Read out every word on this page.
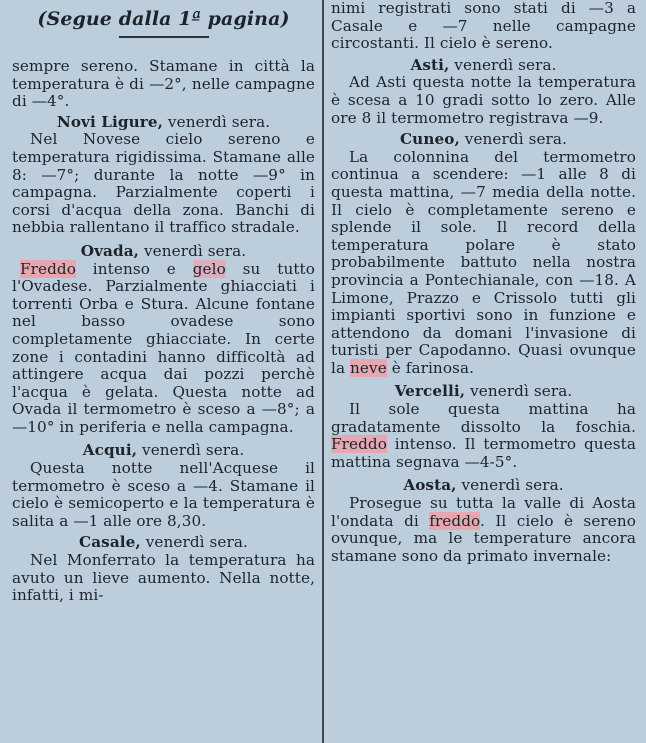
(Segue dalla 1ª pagina)

sempre sereno. Stamane in città la temperatura è di —2°, nelle campagne di —4°.

Novi Ligure, venerdì sera.

Nel Novese cielo sereno e temperatura rigidissima. Stamane alle 8: —7°; durante la notte —9° in campagna. Parzialmente coperti i corsi d'acqua della zona. Banchi di nebbia rallentano il traffico stradale.

Ovada, venerdì sera.

Freddo intenso e gelo su tutto l'Ovadese. Parzialmente ghiacciati i torrenti Orba e Stura. Alcune fontane nel basso ovadese sono completamente ghiacciate. In certe zone i contadini hanno difficoltà ad attingere acqua dai pozzi perchè l'acqua è gelata. Questa notte ad Ovada il termometro è sceso a —8°; a —10° in periferia e nella campagna.

Acqui, venerdì sera.

Questa notte nell'Acquese il termometro è sceso a —4. Stamane il cielo è semicoperto e la temperatura è salita a —1 alle ore 8,30.

Casale, venerdì sera.

Nel Monferrato la temperatura ha avuto un lieve aumento. Nella notte, infatti, i mi-

nimi registrati sono stati di —3 a Casale e —7 nelle campagne circostanti. Il cielo è sereno.

Asti, venerdì sera.

Ad Asti questa notte la temperatura è scesa a 10 gradi sotto lo zero. Alle ore 8 il termometro registrava —9.

Cuneo, venerdì sera.

La colonnina del termometro continua a scendere: —1 alle 8 di questa mattina, —7 media della notte. Il cielo è completamente sereno e splende il sole. Il record della temperatura polare è stato probabilmente battuto nella nostra provincia a Pontechianale, con —18. A Limone, Prazzo e Crissolo tutti gli impianti sportivi sono in funzione e attendono da domani l'invasione di turisti per Capodanno. Quasi ovunque la neve è farinosa.

Vercelli, venerdì sera.

Il sole questa mattina ha gradatamente dissolto la foschia. Freddo intenso. Il termometro questa mattina segnava —4-5°.

Aosta, venerdì sera.

Prosegue su tutta la valle di Aosta l'ondata di freddo. Il cielo è sereno ovunque, ma le temperature ancora stamane sono da primato invernale:
